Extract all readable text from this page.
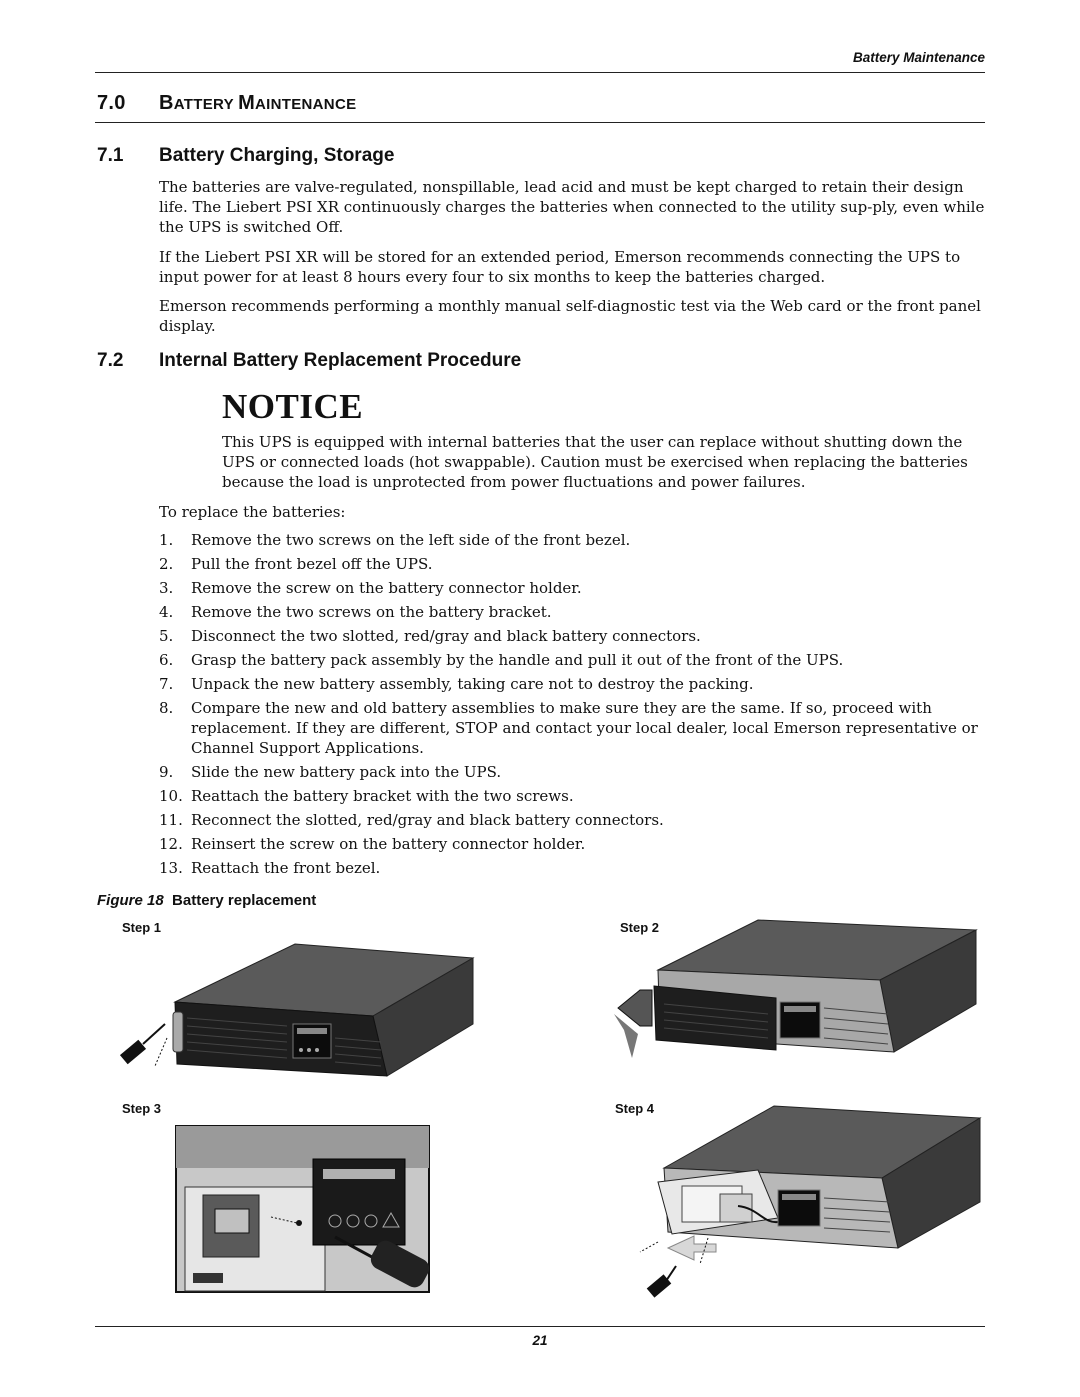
Battery Maintenance
7.0 BATTERY MAINTENANCE
7.1 Battery Charging, Storage
The batteries are valve-regulated, nonspillable, lead acid and must be kept charged to retain their design life. The Liebert PSI XR continuously charges the batteries when connected to the utility sup-ply, even while the UPS is switched Off.
If the Liebert PSI XR will be stored for an extended period, Emerson recommends connecting the UPS to input power for at least 8 hours every four to six months to keep the batteries charged.
Emerson recommends performing a monthly manual self-diagnostic test via the Web card or the front panel display.
7.2 Internal Battery Replacement Procedure
NOTICE
This UPS is equipped with internal batteries that the user can replace without shutting down the UPS or connected loads (hot swappable). Caution must be exercised when replacing the batteries because the load is unprotected from power fluctuations and power failures.
To replace the batteries:
1.	Remove the two screws on the left side of the front bezel.
2.	Pull the front bezel off the UPS.
3.	Remove the screw on the battery connector holder.
4.	Remove the two screws on the battery bracket.
5.	Disconnect the two slotted, red/gray and black battery connectors.
6.	Grasp the battery pack assembly by the handle and pull it out of the front of the UPS.
7.	Unpack the new battery assembly, taking care not to destroy the packing.
8.	Compare the new and old battery assemblies to make sure they are the same. If so, proceed with replacement. If they are different, STOP and contact your local dealer, local Emerson representative or Channel Support Applications.
9.	Slide the new battery pack into the UPS.
10. Reattach the battery bracket with the two screws.
11. Reconnect the slotted, red/gray and black battery connectors.
12. Reinsert the screw on the battery connector holder.
13. Reattach the front bezel.
Figure 18 Battery replacement
Step 1	Step 2
Step 3	Step 4
21
